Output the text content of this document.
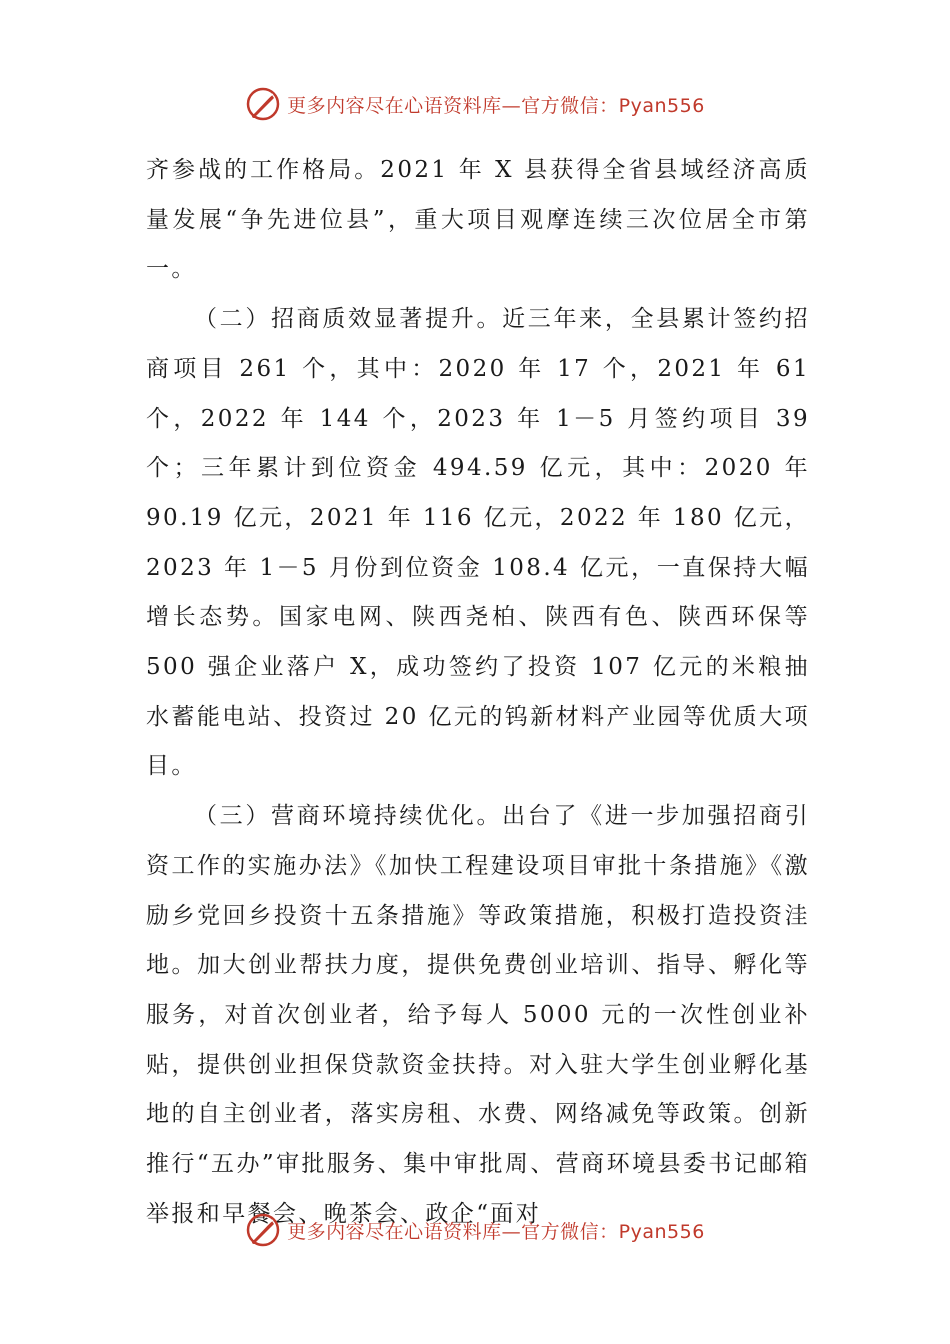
更多内容尽在心语资料库—官方微信：Pyan556

齐参战的工作格局。2021 年 X 县获得全省县域经济高质量发展“争先进位县”，重大项目观摩连续三次位居全市第一。

（二）招商质效显著提升。近三年来，全县累计签约招商项目 261 个，其中：2020 年 17 个，2021 年 61 个，2022 年 144 个，2023 年 1－5 月签约项目 39 个；三年累计到位资金 494.59 亿元，其中：2020 年 90.19 亿元，2021 年 116 亿元，2022 年 180 亿元，2023 年 1－5 月份到位资金 108.4 亿元，一直保持大幅增长态势。国家电网、陕西尧柏、陕西有色、陕西环保等 500 强企业落户 X，成功签约了投资 107 亿元的米粮抽水蓄能电站、投资过 20 亿元的钨新材料产业园等优质大项目。

（三）营商环境持续优化。出台了《进一步加强招商引资工作的实施办法》《加快工程建设项目审批十条措施》《激励乡党回乡投资十五条措施》等政策措施，积极打造投资洼地。加大创业帮扶力度，提供免费创业培训、指导、孵化等服务，对首次创业者，给予每人 5000 元的一次性创业补贴，提供创业担保贷款资金扶持。对入驻大学生创业孵化基地的自主创业者，落实房租、水费、网络减免等政策。创新推行“五办”审批服务、集中审批周、营商环境县委书记邮箱举报和早餐会、晚茶会、政企“面对

更多内容尽在心语资料库—官方微信：Pyan556
